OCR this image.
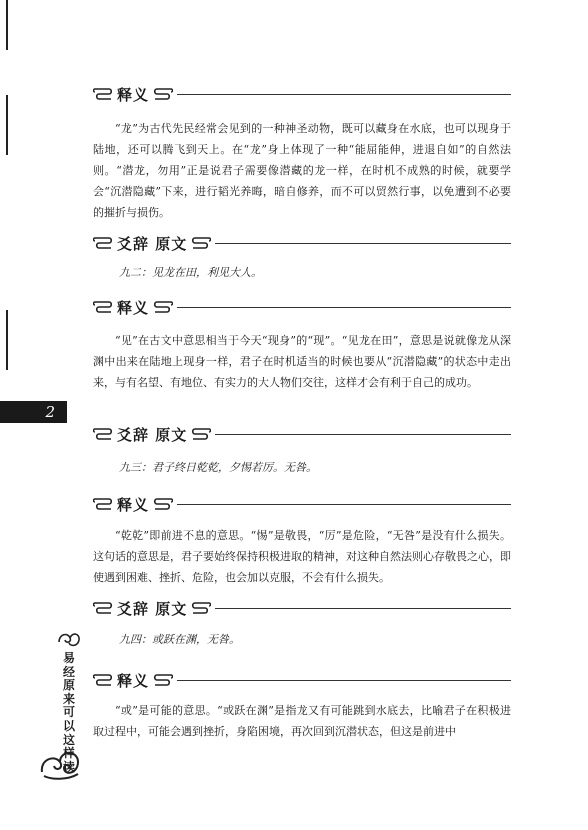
2
易经原来可以这样读
释义

“龙”为古代先民经常会见到的一种神圣动物，既可以藏身在水底，也可以现身于陆地，还可以腾飞到天上。在“龙”身上体现了一种“能屈能伸，进退自如”的自然法则。“潜龙，勿用”正是说君子需要像潜藏的龙一样，在时机不成熟的时候，就要学会“沉潜隐藏”下来，进行韬光养晦，暗自修养，而不可以贸然行事，以免遭到不必要的摧折与损伤。

爻辞 原文

九二：见龙在田，利见大人。

释义

“见”在古文中意思相当于今天“现身”的“现”。“见龙在田”，意思是说就像龙从深渊中出来在陆地上现身一样，君子在时机适当的时候也要从“沉潜隐藏”的状态中走出来，与有名望、有地位、有实力的大人物们交往，这样才会有利于自己的成功。

爻辞 原文

九三：君子终日乾乾，夕惕若厉。无咎。

释义

“乾乾”即前进不息的意思。“惕”是敬畏，“厉”是危险，“无咎”是没有什么损失。这句话的意思是，君子要始终保持积极进取的精神，对这种自然法则心存敬畏之心，即使遇到困难、挫折、危险，也会加以克服，不会有什么损失。

爻辞 原文

九四：或跃在渊，无咎。

释义

“或”是可能的意思。“或跃在渊”是指龙又有可能跳到水底去，比喻君子在积极进取过程中，可能会遇到挫折，身陷困境，再次回到沉潜状态，但这是前进中
